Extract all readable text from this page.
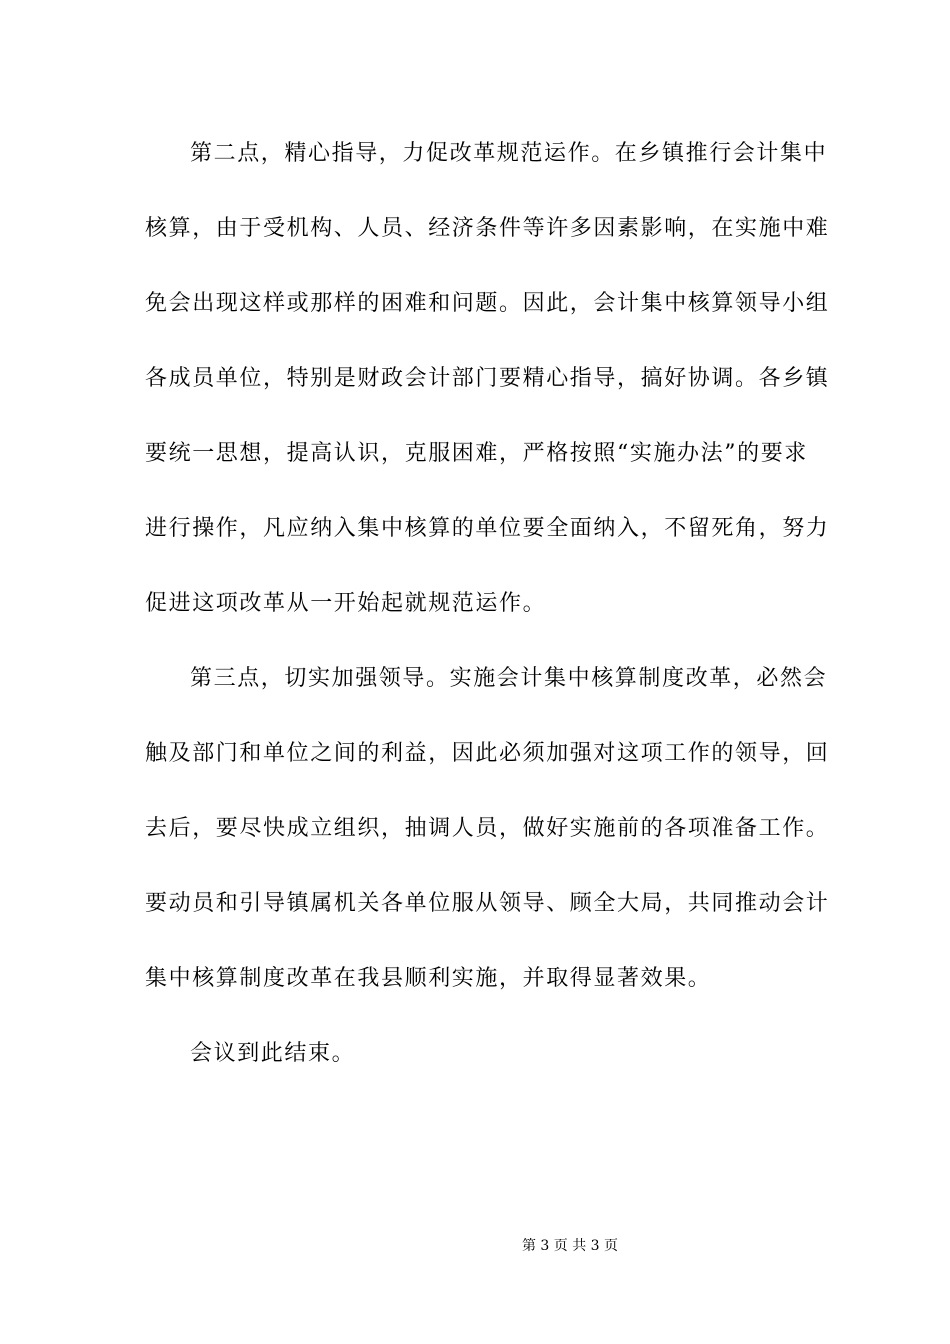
第二点，精心指导，力促改革规范运作。在乡镇推行会计集中
核算，由于受机构、人员、经济条件等许多因素影响，在实施中难
免会出现这样或那样的困难和问题。因此，会计集中核算领导小组
各成员单位，特别是财政会计部门要精心指导，搞好协调。各乡镇
要统一思想，提高认识，克服困难，严格按照“实施办法”的要求
进行操作，凡应纳入集中核算的单位要全面纳入，不留死角，努力
促进这项改革从一开始起就规范运作。
第三点，切实加强领导。实施会计集中核算制度改革，必然会
触及部门和单位之间的利益，因此必须加强对这项工作的领导，回
去后，要尽快成立组织，抽调人员，做好实施前的各项准备工作。
要动员和引导镇属机关各单位服从领导、顾全大局，共同推动会计
集中核算制度改革在我县顺利实施，并取得显著效果。
会议到此结束。
第 3 页 共 3 页
